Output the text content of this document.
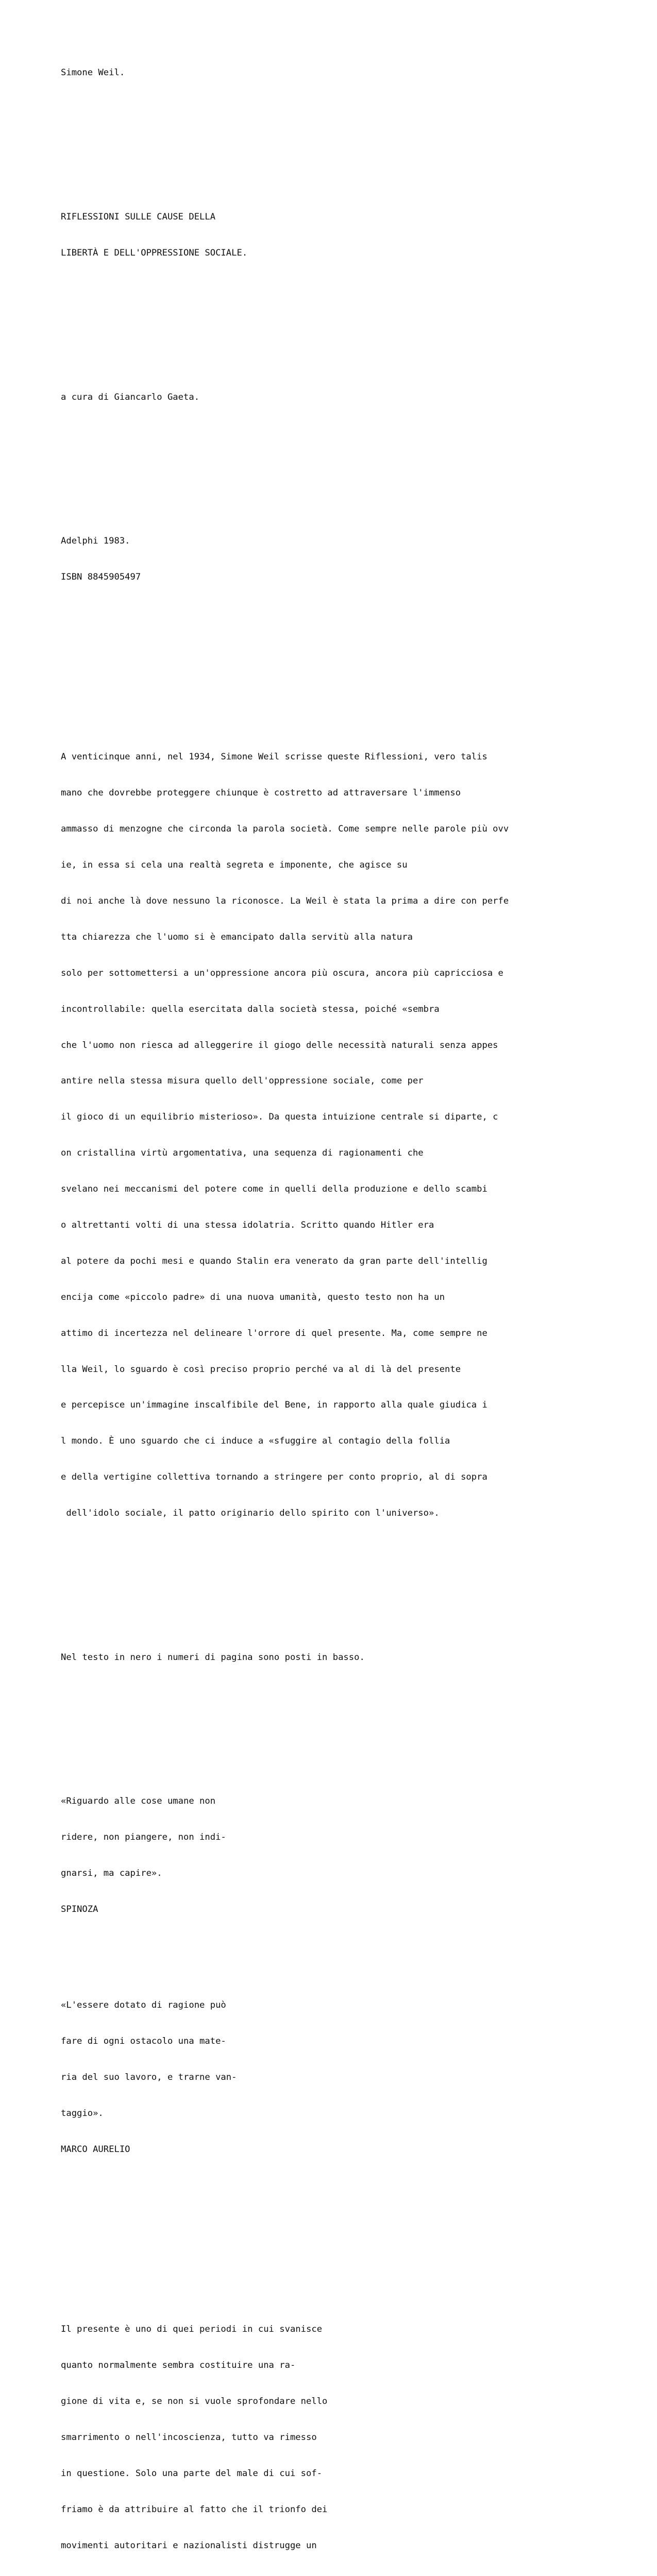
Simone Weil.

RIFLESSIONI SULLE CAUSE DELLA

LIBERTÀ E DELL'OPPRESSIONE SOCIALE.

a cura di Giancarlo Gaeta.

Adelphi 1983.

ISBN 8845905497

A venticinque anni, nel 1934, Simone Weil scrisse queste Riflessioni, vero talis

mano che dovrebbe proteggere chiunque è costretto ad attraversare l'immenso

ammasso di menzogne che circonda la parola società. Come sempre nelle parole più ovv

ie, in essa si cela una realtà segreta e imponente, che agisce su

di noi anche là dove nessuno la riconosce. La Weil è stata la prima a dire con perfe

tta chiarezza che l'uomo si è emancipato dalla servitù alla natura

solo per sottomettersi a un'oppressione ancora più oscura, ancora più capricciosa e

incontrollabile: quella esercitata dalla società stessa, poiché «sembra

che l'uomo non riesca ad alleggerire il giogo delle necessità naturali senza appes

antire nella stessa misura quello dell'oppressione sociale, come per

il gioco di un equilibrio misterioso». Da questa intuizione centrale si diparte, c

on cristallina virtù argomentativa, una sequenza di ragionamenti che

svelano nei meccanismi del potere come in quelli della produzione e dello scambi

o altrettanti volti di una stessa idolatria. Scritto quando Hitler era

al potere da pochi mesi e quando Stalin era venerato da gran parte dell'intellig

encija come «piccolo padre» di una nuova umanità, questo testo non ha un

attimo di incertezza nel delineare l'orrore di quel presente. Ma, come sempre ne

lla Weil, lo sguardo è così preciso proprio perché va al di là del presente

e percepisce un'immagine inscalfibile del Bene, in rapporto alla quale giudica i

l mondo. È uno sguardo che ci induce a «sfuggire al contagio della follia

e della vertigine collettiva tornando a stringere per conto proprio, al di sopra

dell'idolo sociale, il patto originario dello spirito con l'universo».

Nel testo in nero i numeri di pagina sono posti in basso.

«Riguardo alle cose umane non

ridere, non piangere, non indi-

gnarsi, ma capire».

SPINOZA

«L'essere dotato di ragione può

fare di ogni ostacolo una mate-

ria del suo lavoro, e trarne van-

taggio».

MARCO AURELIO

Il presente è uno di quei periodi in cui svanisce

quanto normalmente sembra costituire una ra-

gione di vita e, se non si vuole sprofondare nello

smarrimento o nell'incoscienza, tutto va rimesso

in questione. Solo una parte del male di cui sof-

friamo è da attribuire al fatto che il trionfo dei

movimenti autoritari e nazionalisti distrugge un
